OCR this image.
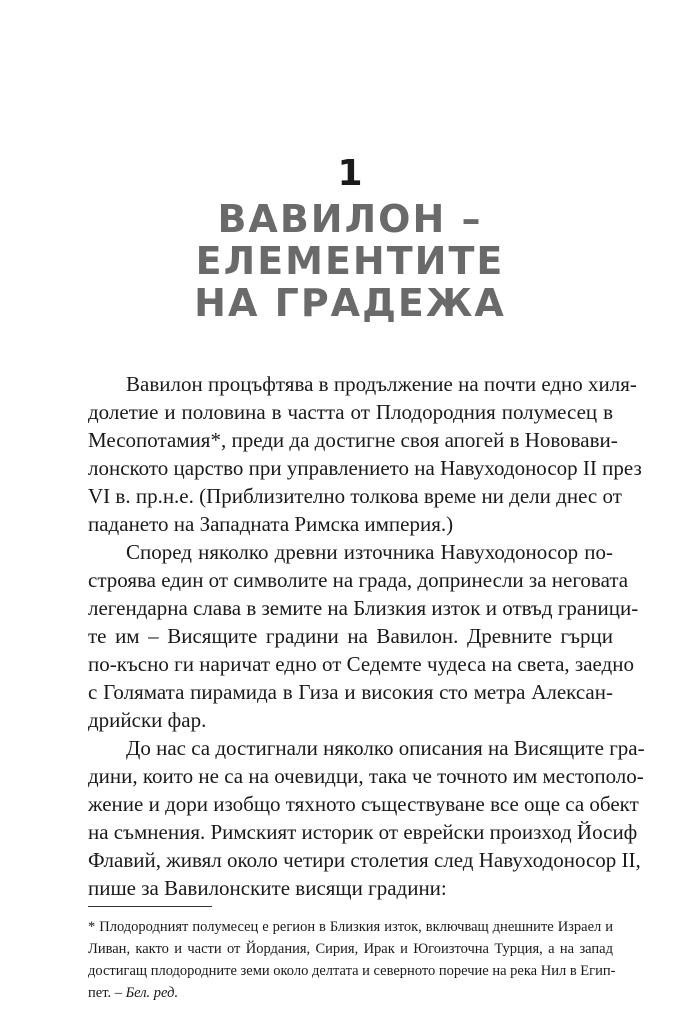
1
ВАВИЛОН –
ЕЛЕМЕНТИТЕ
НА ГРАДЕЖА
Вавилон процъфтява в продължение на почти едно хиля-
долетие и половина в частта от Плодородния полумесец в
Месопотамия*, преди да достигне своя апогей в Нововави-
лонското царство при управлението на Навуходоносор II през
VI в. пр.н.е. (Приблизително толкова време ни дели днес от
падането на Западната Римска империя.)
Според няколко древни източника Навуходоносор по-
строява един от символите на града, допринесли за неговата
легендарна слава в земите на Близкия изток и отвъд граници-
те им – Висящите градини на Вавилон. Древните гърци
по-късно ги наричат едно от Седемте чудеса на света, заедно
с Голямата пирамида в Гиза и високия сто метра Алексан-
дрийски фар.
До нас са достигнали няколко описания на Висящите гра-
дини, които не са на очевидци, така че точното им местополо-
жение и дори изобщо тяхното съществуване все още са обект
на съмнения. Римският историк от еврейски произход Йосиф
Флавий, живял около четири столетия след Навуходоносор II,
пише за Вавилонските висящи градини:
* Плодородният полумесец е регион в Близкия изток, включващ днешните Израел и
Ливан, както и части от Йордания, Сирия, Ирак и Югоизточна Турция, а на запад
достигащ плодородните земи около делтата и северното поречие на река Нил в Егип-
пет. – Бел. ред.
